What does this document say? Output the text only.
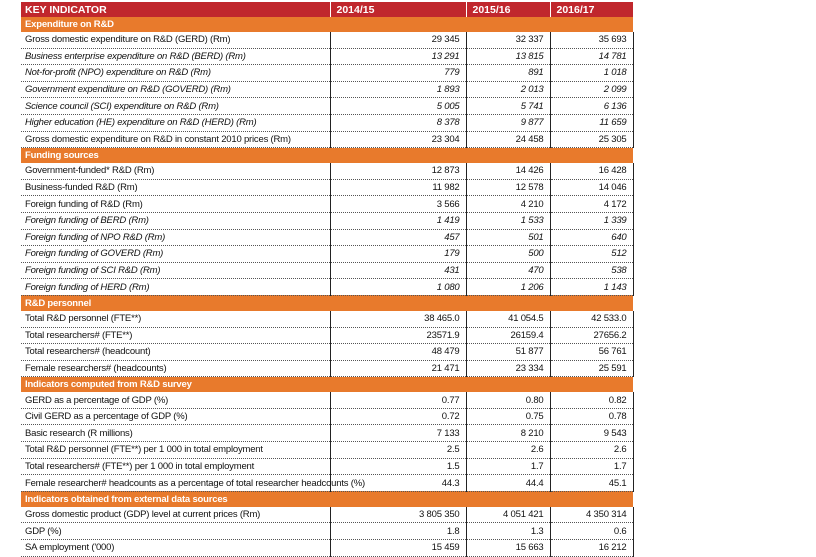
KEY INDICATOR	2014/15	2015/16	2016/17
Expenditure on R&D			
Gross domestic expenditure on R&D (GERD) (Rm)	29 345	32 337	35 693
Business enterprise expenditure on R&D (BERD) (Rm)	13 291	13 815	14 781
Not-for-profit (NPO) expenditure on R&D (Rm)	779	891	1 018
Government expenditure on R&D (GOVERD) (Rm)	1 893	2 013	2 099
Science council (SCI) expenditure on R&D (Rm)	5 005	5 741	6 136
Higher education (HE) expenditure on R&D (HERD) (Rm)	8 378	9 877	11 659
Gross domestic expenditure on R&D in constant 2010 prices (Rm)	23 304	24 458	25 305
Funding sources			
Government-funded* R&D (Rm)	12 873	14 426	16 428
Business-funded R&D (Rm)	11 982	12 578	14 046
Foreign funding of R&D (Rm)	3 566	4 210	4 172
Foreign funding of BERD (Rm)	1 419	1 533	1 339
Foreign funding of NPO R&D (Rm)	457	501	640
Foreign funding of GOVERD (Rm)	179	500	512
Foreign funding of SCI R&D (Rm)	431	470	538
Foreign funding of HERD (Rm)	1 080	1 206	1 143
R&D personnel			
Total R&D personnel (FTE**)	38 465.0	41 054.5	42 533.0
Total researchers# (FTE**)	23571.9	26159.4	27656.2
Total researchers# (headcount)	48 479	51 877	56 761
Female researchers# (headcounts)	21 471	23 334	25 591
Indicators computed from R&D survey			
GERD as a percentage of GDP (%)	0.77	0.80	0.82
Civil GERD as a percentage of GDP (%)	0.72	0.75	0.78
Basic research (R millions)	7 133	8 210	9 543
Total R&D personnel (FTE**) per 1 000 in total employment	2.5	2.6	2.6
Total researchers# (FTE**) per 1 000 in total employment	1.5	1.7	1.7
Female researcher# headcounts as a percentage of total researcher headcounts (%)	44.3	44.4	45.1
Indicators obtained from external data sources			
Gross domestic product (GDP) level at current prices (Rm)	3 805 350	4 051 421	4 350 314
GDP (%)	1.8	1.3	0.6
SA employment ('000)	15 459	15 663	16 212
